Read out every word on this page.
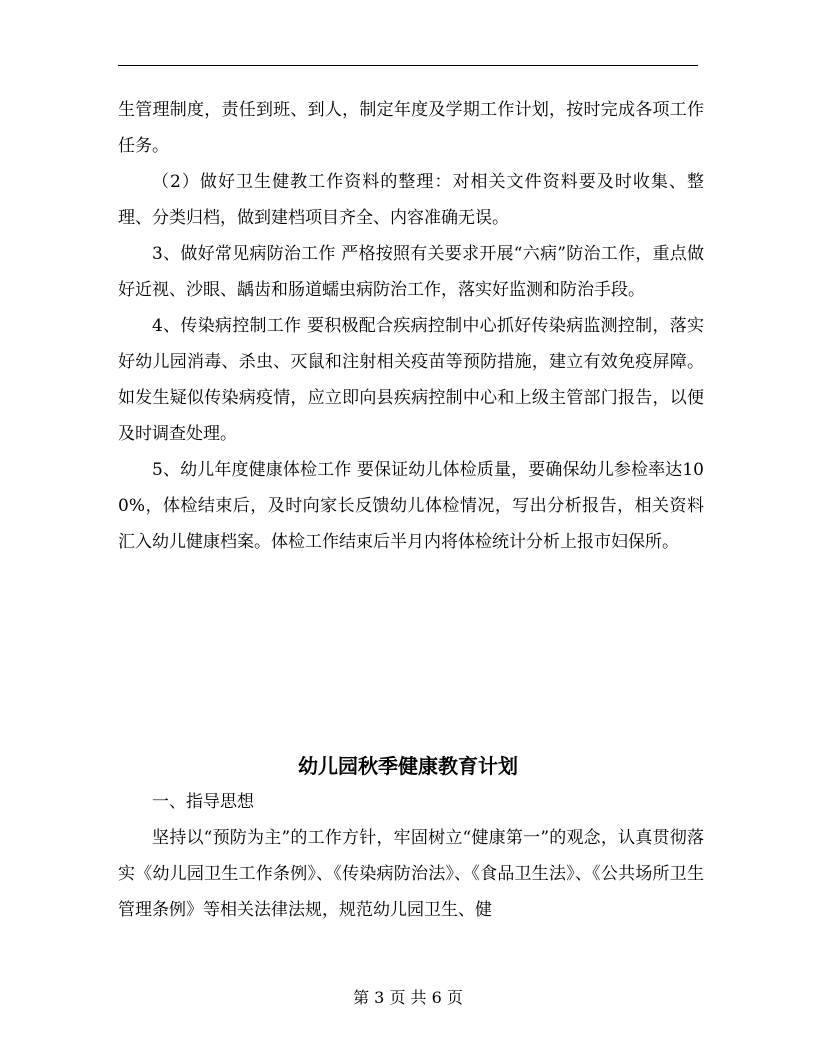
生管理制度，责任到班、到人，制定年度及学期工作计划，按时完成各项工作任务。

（2）做好卫生健教工作资料的整理：对相关文件资料要及时收集、整理、分类归档，做到建档项目齐全、内容准确无误。

3、做好常见病防治工作 严格按照有关要求开展“六病”防治工作，重点做好近视、沙眼、龋齿和肠道蠕虫病防治工作，落实好监测和防治手段。

4、传染病控制工作 要积极配合疾病控制中心抓好传染病监测控制，落实好幼儿园消毒、杀虫、灭鼠和注射相关疫苗等预防措施，建立有效免疫屏障。如发生疑似传染病疫情，应立即向县疾病控制中心和上级主管部门报告，以便及时调查处理。

5、幼儿年度健康体检工作 要保证幼儿体检质量，要确保幼儿参检率达100%，体检结束后，及时向家长反馈幼儿体检情况，写出分析报告，相关资料汇入幼儿健康档案。体检工作结束后半月内将体检统计分析上报市妇保所。

幼儿园秋季健康教育计划

一、指导思想

坚持以“预防为主”的工作方针，牢固树立“健康第一”的观念，认真贯彻落实《幼儿园卫生工作条例》、《传染病防治法》、《食品卫生法》、《公共场所卫生管理条例》等相关法律法规，规范幼儿园卫生、健

第 3 页 共 6 页
